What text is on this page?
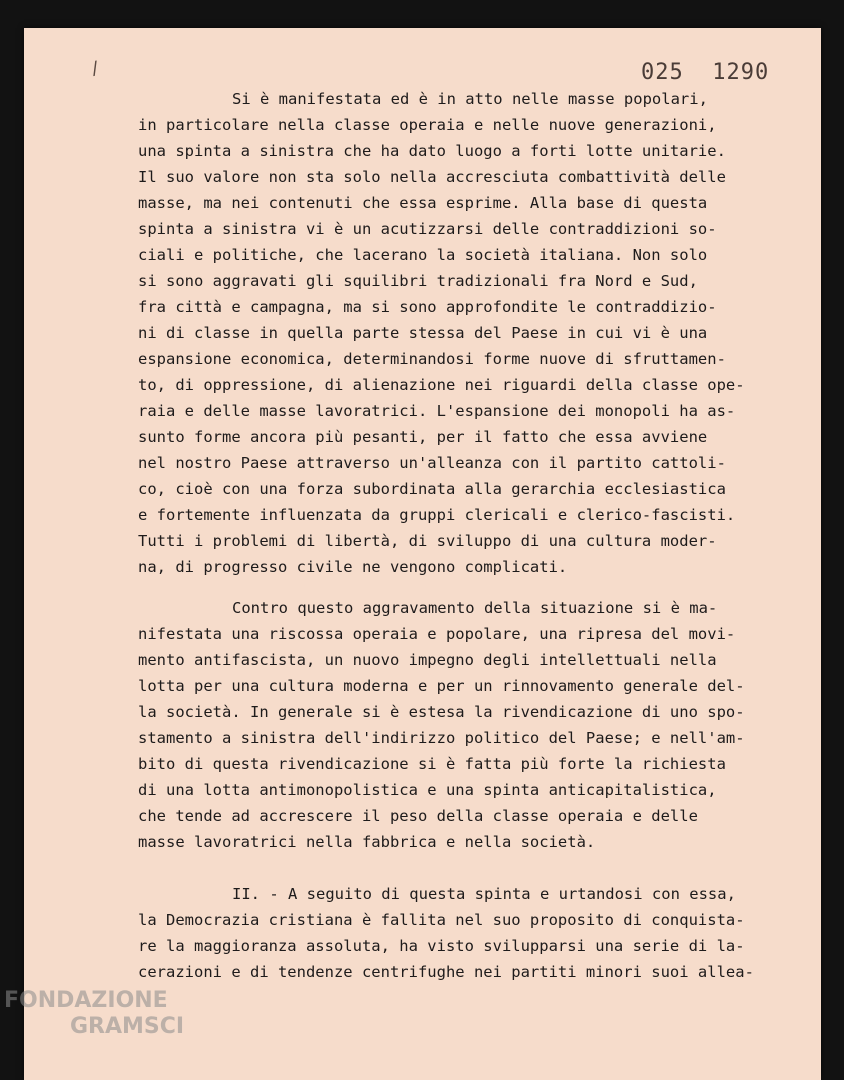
/	025  1290

Si è manifestata ed è in atto nelle masse popolari,

in particolare nella classe operaia e nelle nuove generazioni,

una spinta a sinistra che ha dato luogo a forti lotte unitarie.

Il suo valore non sta solo nella accresciuta combattività delle

masse, ma nei contenuti che essa esprime. Alla base di questa

spinta a sinistra vi è un acutizzarsi delle contraddizioni so-

ciali e politiche, che lacerano la società italiana. Non solo

si sono aggravati gli squilibri tradizionali fra Nord e Sud,

fra città e campagna, ma si sono approfondite le contraddizio-

ni di classe in quella parte stessa del Paese in cui vi è una

espansione economica, determinandosi forme nuove di sfruttamen-

to, di oppressione, di alienazione nei riguardi della classe ope-

raia e delle masse lavoratrici. L'espansione dei monopoli ha as-

sunto forme ancora più pesanti, per il fatto che essa avviene

nel nostro Paese attraverso un'alleanza con il partito cattoli-

co, cioè con una forza subordinata alla gerarchia ecclesiastica

e fortemente influenzata da gruppi clericali e clerico-fascisti.

Tutti i problemi di libertà, di sviluppo di una cultura moder-

na, di progresso civile ne vengono complicati.

Contro questo aggravamento della situazione si è ma-

nifestata una riscossa operaia e popolare, una ripresa del movi-

mento antifascista, un nuovo impegno degli intellettuali nella

lotta per una cultura moderna e per un rinnovamento generale del-

la società. In generale si è estesa la rivendicazione di uno spo-

stamento a sinistra dell'indirizzo politico del Paese; e nell'am-

bito di questa rivendicazione si è fatta più forte la richiesta

di una lotta antimonopolistica e una spinta anticapitalistica,

che tende ad accrescere il peso della classe operaia e delle

masse lavoratrici nella fabbrica e nella società.

II. - A seguito di questa spinta e urtandosi con essa,

la Democrazia cristiana è fallita nel suo proposito di conquista-

re la maggioranza assoluta, ha visto svilupparsi una serie di la-

cerazioni e di tendenze centrifughe nei partiti minori suoi allea-

FONDAZIONE
GRAMSCI
